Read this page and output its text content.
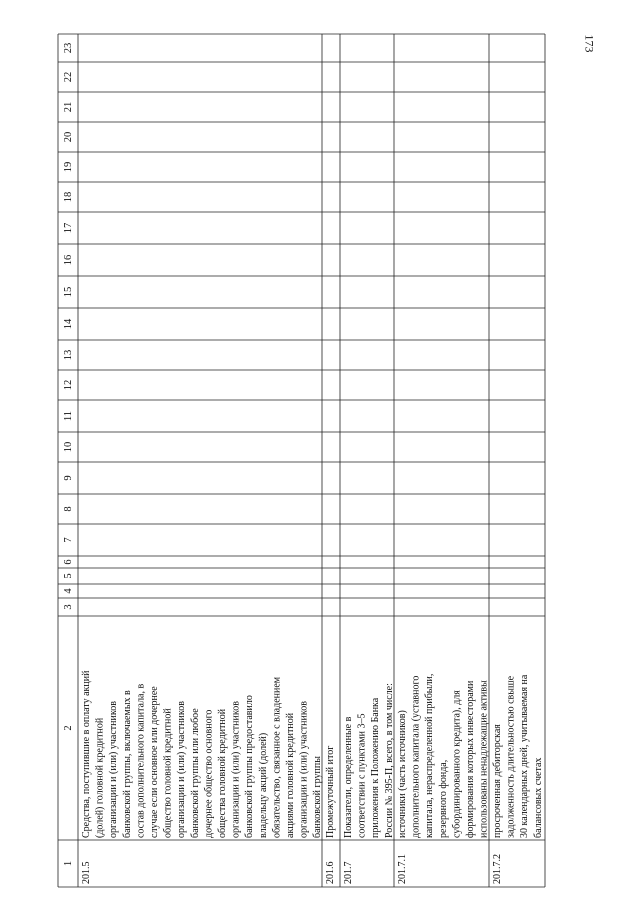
173
23
22
21
20
19
18
17
16
15
14
13
12
11
10
9
8
7
6
5
4
3
2
1 201.5
Средства, поступившие в оплату акций (долей) головной кредитной организации и (или) участников банковской группы, включаемых в состав дополнительного капитала, в случае если основное или дочернее общество головной кредитной организации и (или) участников банковской группы или любое дочернее общество основного общества головной кредитной организации и (или) участников банковской группы предоставило владельцу акций (долей) обязательство, связанное с владением акциями головной кредитной организации и (или) участников банковской группы
201.6
Промежуточный итог
201.7
Показатели, определенные в соответствии с пунктами 3–5 приложения к Положению Банка России № 395-П, всего, в том числе:
201.7.1
источники (часть источников) дополнительного капитала (уставного капитала, нераспределенной прибыли, резервного фонда, субординированного кредита), для формирования которых инвесторами использованы ненадлежащие активы
201.7.2
просроченная дебиторская задолженность длительностью свыше 30 календарных дней, учитываемая на балансовых счетах
